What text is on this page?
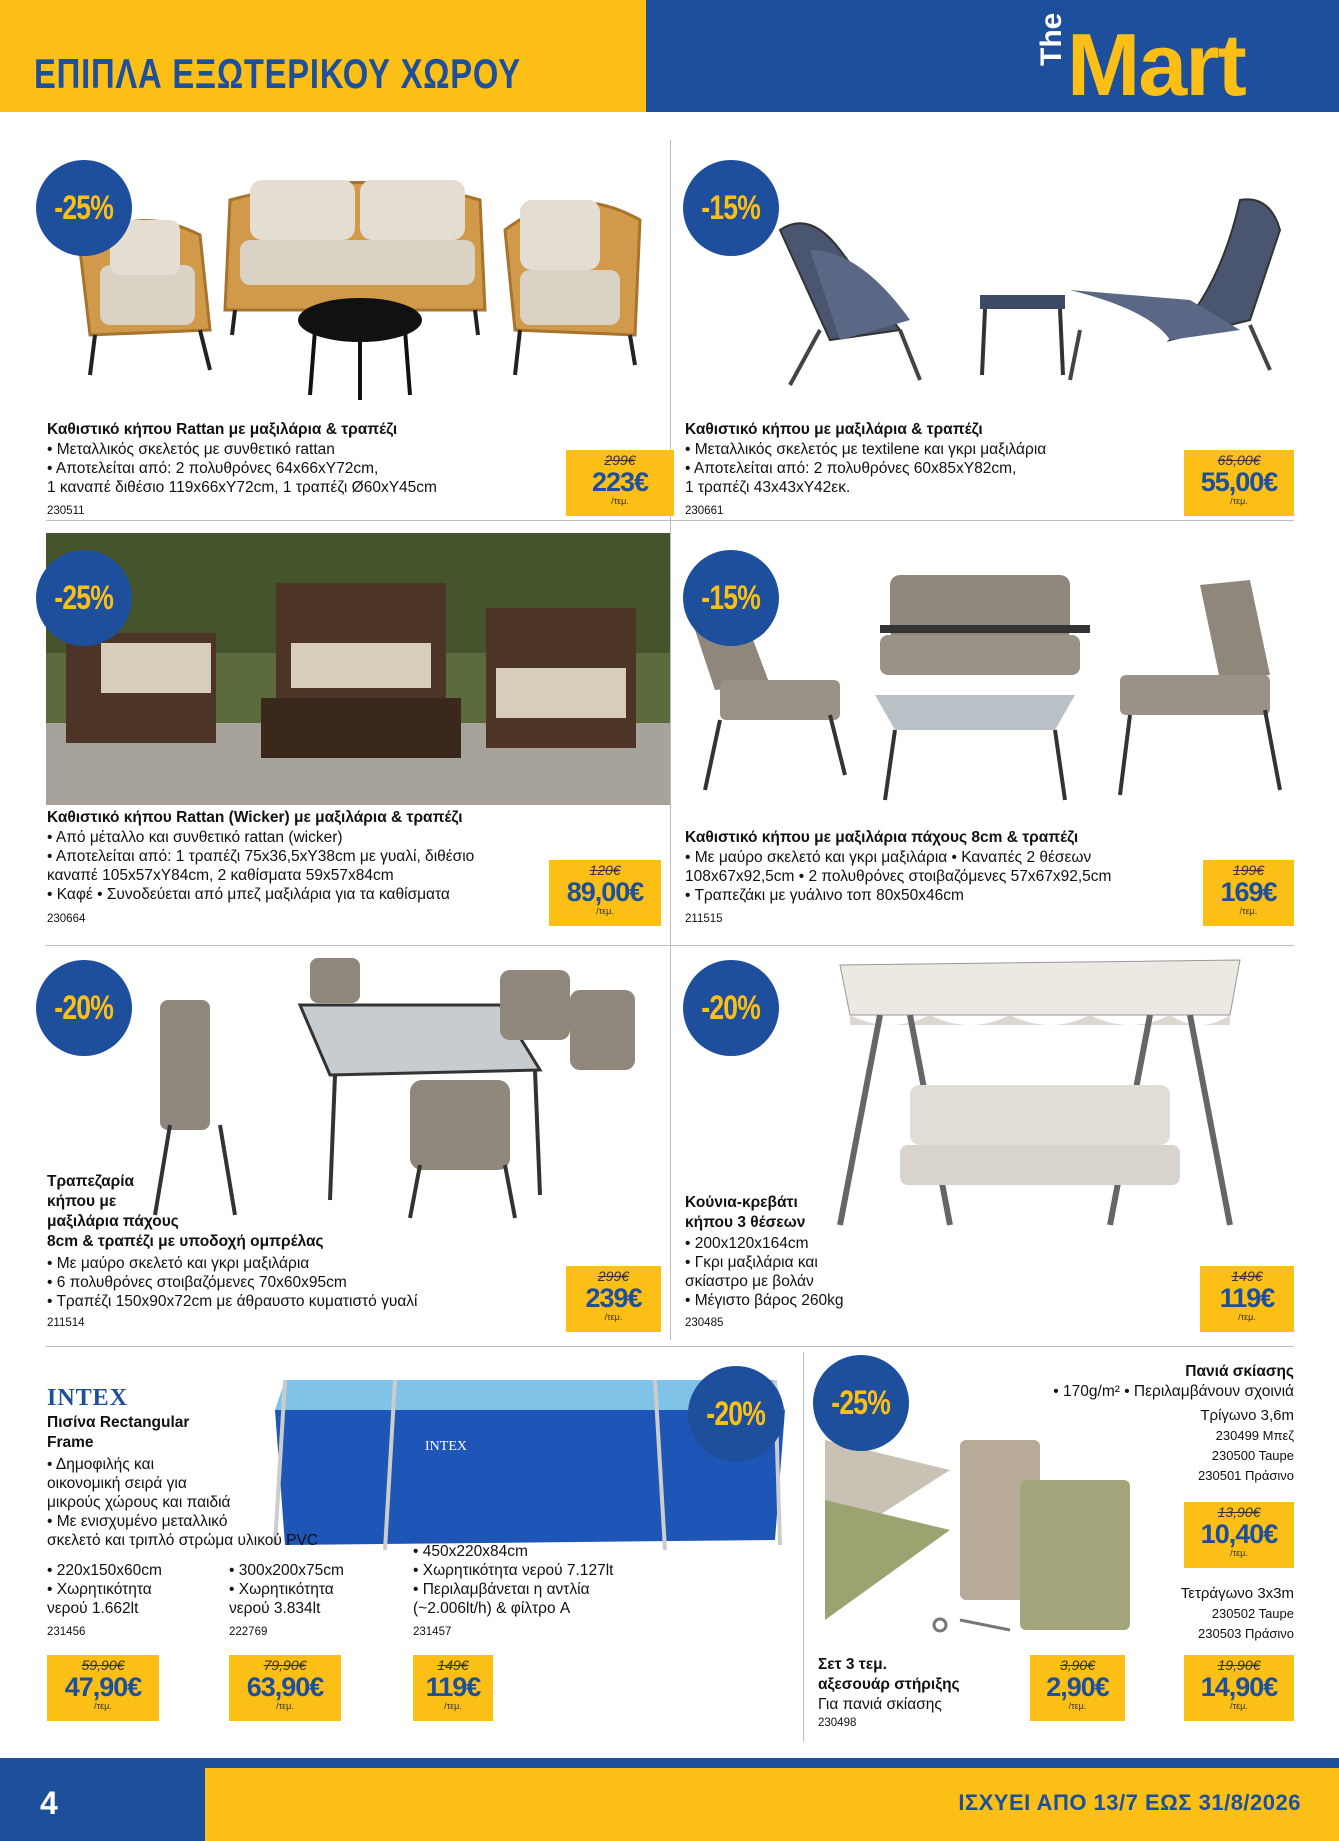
ΕΠΙΠΛΑ ΕΞΩΤΕΡΙΚΟΥ ΧΩΡΟΥ
The Mart
-25%
Καθιστικό κήπου Rattan με μαξιλάρια & τραπέζι
• Μεταλλικός σκελετός με συνθετικό rattan
• Αποτελείται από: 2 πολυθρόνες 64x66xΥ72cm,
1 καναπέ διθέσιο 119x66xΥ72cm, 1 τραπέζι Ø60xΥ45cm
230511
299€
223€
/τεμ.
-15%
Καθιστικό κήπου με μαξιλάρια & τραπέζι
• Μεταλλικός σκελετός με textilene και γκρι μαξιλάρια
• Αποτελείται από: 2 πολυθρόνες 60x85xΥ82cm,
1 τραπέζι 43x43xΥ42εκ.
230661
65,00€
55,00€
/τεμ.
-25%
Καθιστικό κήπου Rattan (Wicker) με μαξιλάρια & τραπέζι
• Από μέταλλο και συνθετικό rattan (wicker)
• Αποτελείται από: 1 τραπέζι 75x36,5xΥ38cm με γυαλί, διθέσιο
καναπέ 105x57xΥ84cm, 2 καθίσματα 59x57x84cm
• Καφέ • Συνοδεύεται από μπεζ μαξιλάρια για τα καθίσματα
230664
120€
89,00€
/τεμ.
-15%
Καθιστικό κήπου με μαξιλάρια πάχους 8cm & τραπέζι
• Με μαύρο σκελετό και γκρι μαξιλάρια • Καναπές 2 θέσεων
108x67x92,5cm • 2 πολυθρόνες στοιβαζόμενες 57x67x92,5cm
• Τραπεζάκι με γυάλινο τοπ 80x50x46cm
211515
199€
169€
/τεμ.
-20%
Τραπεζαρία
κήπου με
μαξιλάρια πάχους
8cm & τραπέζι με υποδοχή ομπρέλας
• Με μαύρο σκελετό και γκρι μαξιλάρια
• 6 πολυθρόνες στοιβαζόμενες 70x60x95cm
• Τραπέζι 150x90x72cm με άθραυστο κυματιστό γυαλί
211514
299€
239€
/τεμ.
-20%
Κούνια-κρεβάτι
κήπου 3 θέσεων
• 200x120x164cm
• Γκρι μαξιλάρια και
σκίαστρο με βολάν
• Μέγιστο βάρος 260kg
230485
149€
119€
/τεμ.
INTEX
INTEX
-20%
Πισίνα Rectangular
Frame
• Δημοφιλής και
οικονομική σειρά για
μικρούς χώρους και παιδιά
• Με ενισχυμένο μεταλλικό
σκελετό και τριπλό στρώμα υλικού PVC
• 220x150x60cm
• Χωρητικότητα
νερού 1.662lt
231456
59,90€
47,90€
/τεμ.
• 300x200x75cm
• Χωρητικότητα
νερού 3.834lt
222769
79,90€
63,90€
/τεμ.
• 450x220x84cm
• Χωρητικότητα νερού 7.127lt
• Περιλαμβάνεται η αντλία
(~2.006lt/h) & φίλτρο A
231457
149€
119€
/τεμ.
-25%
Πανιά σκίασης
• 170g/m² • Περιλαμβάνουν σχοινιά
Τρίγωνο 3,6m
230499 Μπεζ
230500 Taupe
230501 Πράσινο
13,90€
10,40€
/τεμ.
Τετράγωνο 3x3m
230502 Taupe
230503 Πράσινο
19,90€
14,90€
/τεμ.
Σετ 3 τεμ.
αξεσουάρ στήριξης
Για πανιά σκίασης
230498
3,90€
2,90€
/τεμ.
4	ΙΣΧΥΕΙ ΑΠΟ 13/7 ΕΩΣ 31/8/2026
